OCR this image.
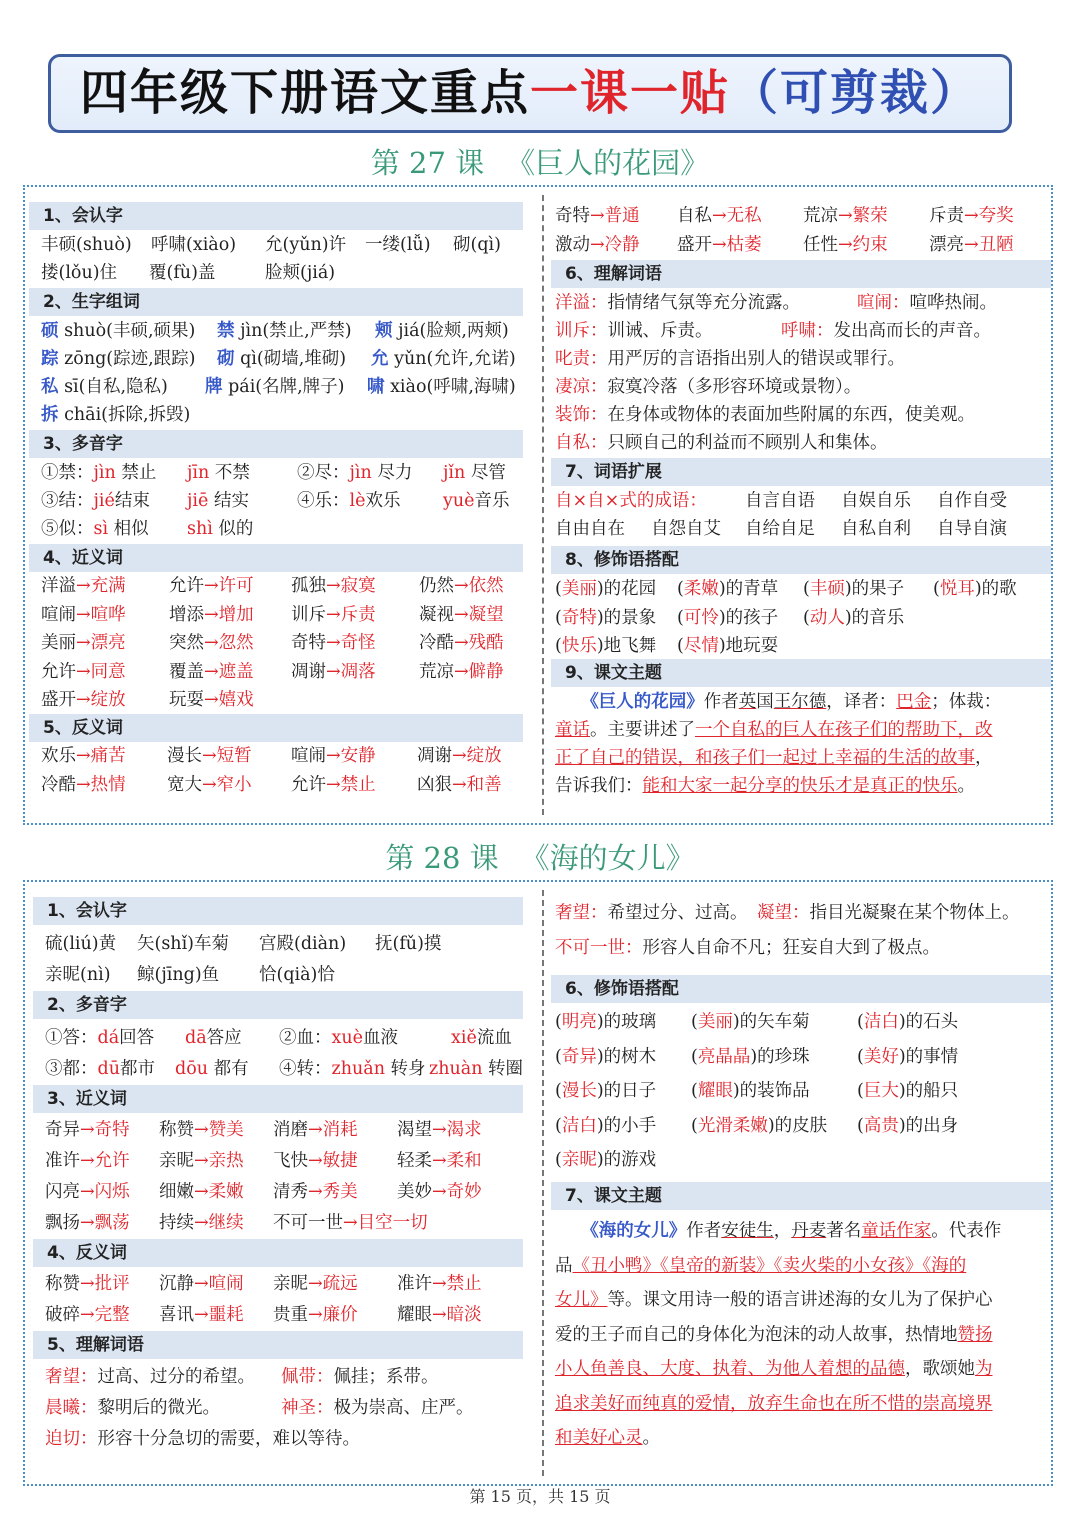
四年级下册语文重点一课一贴（可剪裁）
第 27 课 《巨人的花园》
1、会认字
丰硕(shuò) 呼啸(xiào) 允(yǔn)许 一缕(lǚ) 砌(qì)
搂(lǒu)住 覆(fù)盖	脸颊(jiá)
2、生字组词
硕 shuò(丰硕,硕果) 禁 jìn(禁止,严禁) 颊 jiá(脸颊,两颊)
踪 zōng(踪迹,跟踪) 砌 qì(砌墙,堆砌) 允 yǔn(允许,允诺)
私 sī(自私,隐私) 牌 pái(名牌,牌子) 啸 xiào(呼啸,海啸)
拆 chāi(拆除,拆毁)
3、多音字
①禁：jìn 禁止 jīn 不禁	②尽：jìn 尽力 jǐn 尽管
③结：jié结束 jiē 结实	④乐：lè欢乐 yuè音乐
⑤似：sì 相似 shì 似的
4、近义词
洋溢→充满 允许→许可 孤独→寂寞 仍然→依然
喧闹→喧哗 增添→增加 训斥→斥责 凝视→凝望
美丽→漂亮 突然→忽然 奇特→奇怪 冷酷→残酷
允许→同意 覆盖→遮盖 凋谢→凋落 荒凉→僻静
盛开→绽放 玩耍→嬉戏
5、反义词
欢乐→痛苦 漫长→短暂 喧闹→安静 凋谢→绽放
冷酷→热情 宽大→窄小 允许→禁止 凶狠→和善
奇特→普通 自私→无私 荒凉→繁荣 斥责→夸奖
激动→冷静 盛开→枯萎 任性→约束 漂亮→丑陋
6、理解词语
洋溢：指情绪气氛等充分流露。	喧闹：喧哗热闹。
训斥：训诫、斥责。	呼啸：发出高而长的声音。
叱责：用严厉的言语指出别人的错误或罪行。
凄凉：寂寞冷落（多形容环境或景物）。
装饰：在身体或物体的表面加些附属的东西，使美观。
自私：只顾自己的利益而不顾别人和集体。
7、词语扩展
自×自×式的成语： 自言自语 自娱自乐 自作自受
自由自在 自怨自艾 自给自足 自私自利 自导自演
8、修饰语搭配
(美丽)的花园 (柔嫩)的青草 (丰硕)的果子 (悦耳)的歌
(奇特)的景象 (可怜)的孩子 (动人)的音乐
(快乐)地飞舞 (尽情)地玩耍
9、课文主题
　　《巨人的花园》作者英国王尔德，译者：巴金；体裁：
童话。主要讲述了一个自私的巨人在孩子们的帮助下，改
正了自己的错误，和孩子们一起过上幸福的生活的故事，
告诉我们：能和大家一起分享的快乐才是真正的快乐。
第 28 课 《海的女儿》
1、会认字
硫(liú)黄 矢(shǐ)车菊 宫殿(diàn) 抚(fǔ)摸
亲昵(nì) 鲸(jīng)鱼 恰(qià)恰
2、多音字
①答：dá回答 dā答应 ②血：xuè血液	xiě流血
③都：dū都市 dōu 都有 ④转：zhuǎn 转身 zhuàn 转圈
3、近义词
奇异→奇特 称赞→赞美 消磨→消耗 渴望→渴求
准许→允许 亲昵→亲热 飞快→敏捷 轻柔→柔和
闪亮→闪烁 细嫩→柔嫩 清秀→秀美 美妙→奇妙
飘扬→飘荡 持续→继续 不可一世→目空一切
4、反义词
称赞→批评 沉静→喧闹 亲昵→疏远 准许→禁止
破碎→完整 喜讯→噩耗 贵重→廉价 耀眼→暗淡
5、理解词语
奢望：过高、过分的希望。 佩带：佩挂；系带。
晨曦：黎明后的微光。	神圣：极为崇高、庄严。
迫切：形容十分急切的需要，难以等待。
奢望：希望过分、过高。 凝望：指目光凝聚在某个物体上。
不可一世：形容人自命不凡；狂妄自大到了极点。
6、修饰语搭配
(明亮)的玻璃 (美丽)的矢车菊	(洁白)的石头
(奇异)的树木 (亮晶晶)的珍珠	(美好)的事情
(漫长)的日子 (耀眼)的装饰品	(巨大)的船只
(洁白)的小手 (光滑柔嫩)的皮肤 (高贵)的出身
(亲昵)的游戏
7、课文主题
　　《海的女儿》作者安徒生，丹麦著名童话作家。代表作
品《丑小鸭》《皇帝的新装》《卖火柴的小女孩》《海的
女儿》等。课文用诗一般的语言讲述海的女儿为了保护心
爱的王子而自己的身体化为泡沫的动人故事，热情地赞扬
小人鱼善良、大度、执着、为他人着想的品德，歌颂她为
追求美好而纯真的爱情，放弃生命也在所不惜的崇高境界
和美好心灵。
第 15 页，共 15 页
